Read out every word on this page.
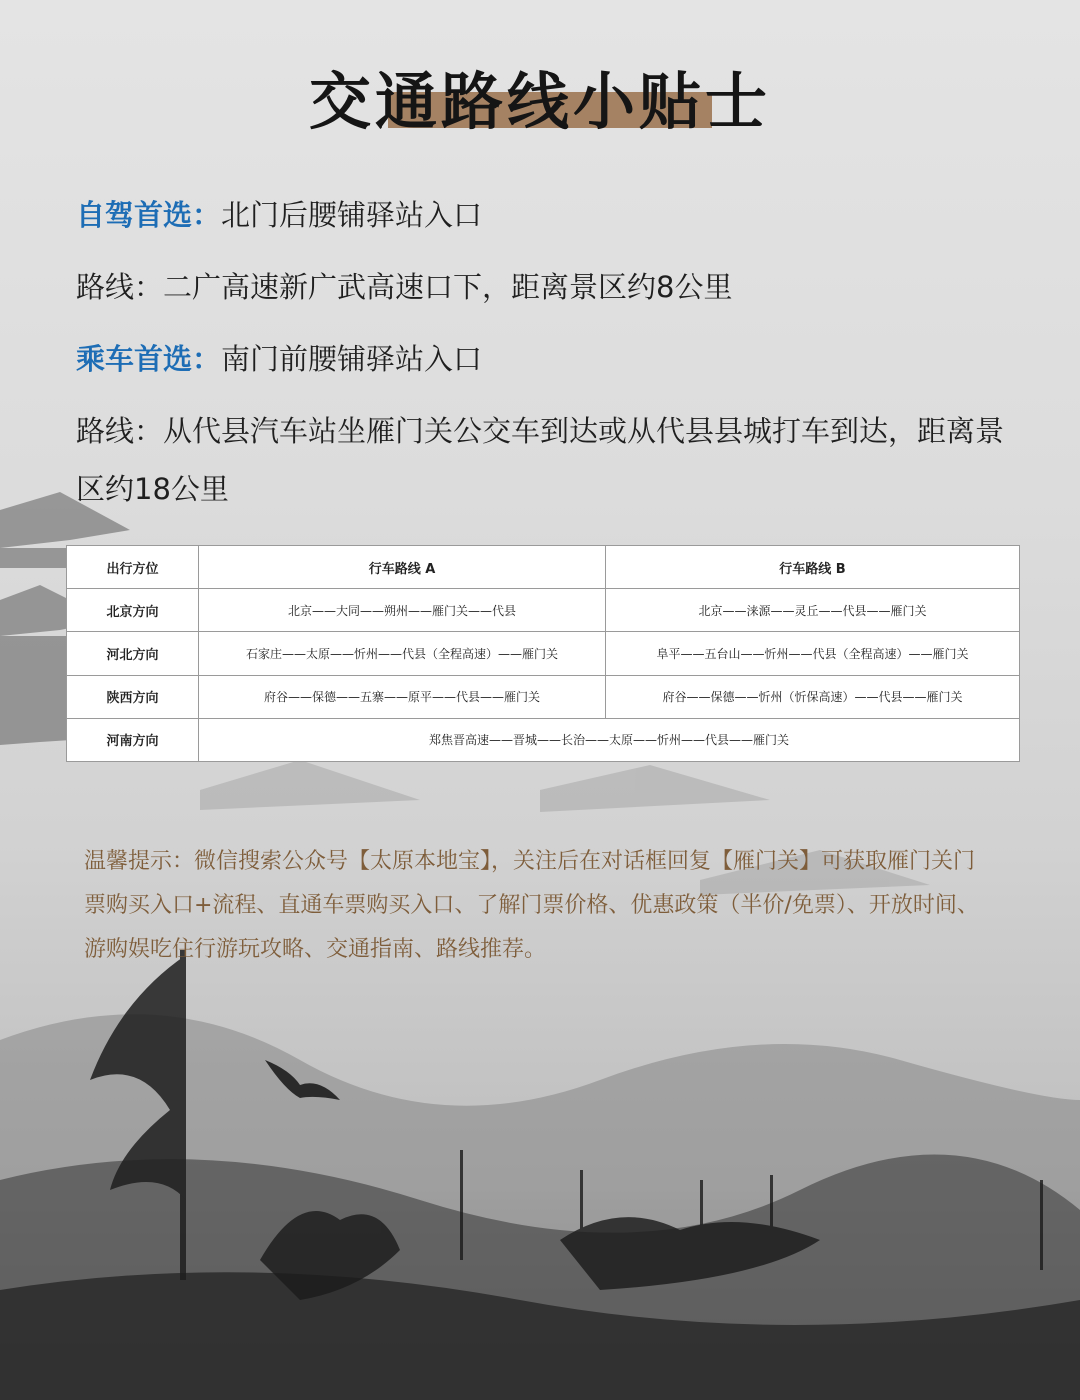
交通路线小贴士

自驾首选：北门后腰铺驿站入口

路线：二广高速新广武高速口下，距离景区约8公里

乘车首选：南门前腰铺驿站入口

路线：从代县汽车站坐雁门关公交车到达或从代县县城打车到达，距离景区约18公里

出行方位	行车路线 A	行车路线 B
北京方向	北京——大同——朔州——雁门关——代县	北京——涞源——灵丘——代县——雁门关
河北方向	石家庄——太原——忻州——代县（全程高速）——雁门关	阜平——五台山——忻州——代县（全程高速）——雁门关
陕西方向	府谷——保德——五寨——原平——代县——雁门关	府谷——保德——忻州（忻保高速）——代县——雁门关
河南方向	郑焦晋高速——晋城——长治——太原——忻州——代县——雁门关	

温馨提示：微信搜索公众号【太原本地宝】，关注后在对话框回复【雁门关】可获取雁门关门票购买入口+流程、直通车票购买入口、了解门票价格、优惠政策（半价/免票）、开放时间、游购娱吃住行游玩攻略、交通指南、路线推荐。
